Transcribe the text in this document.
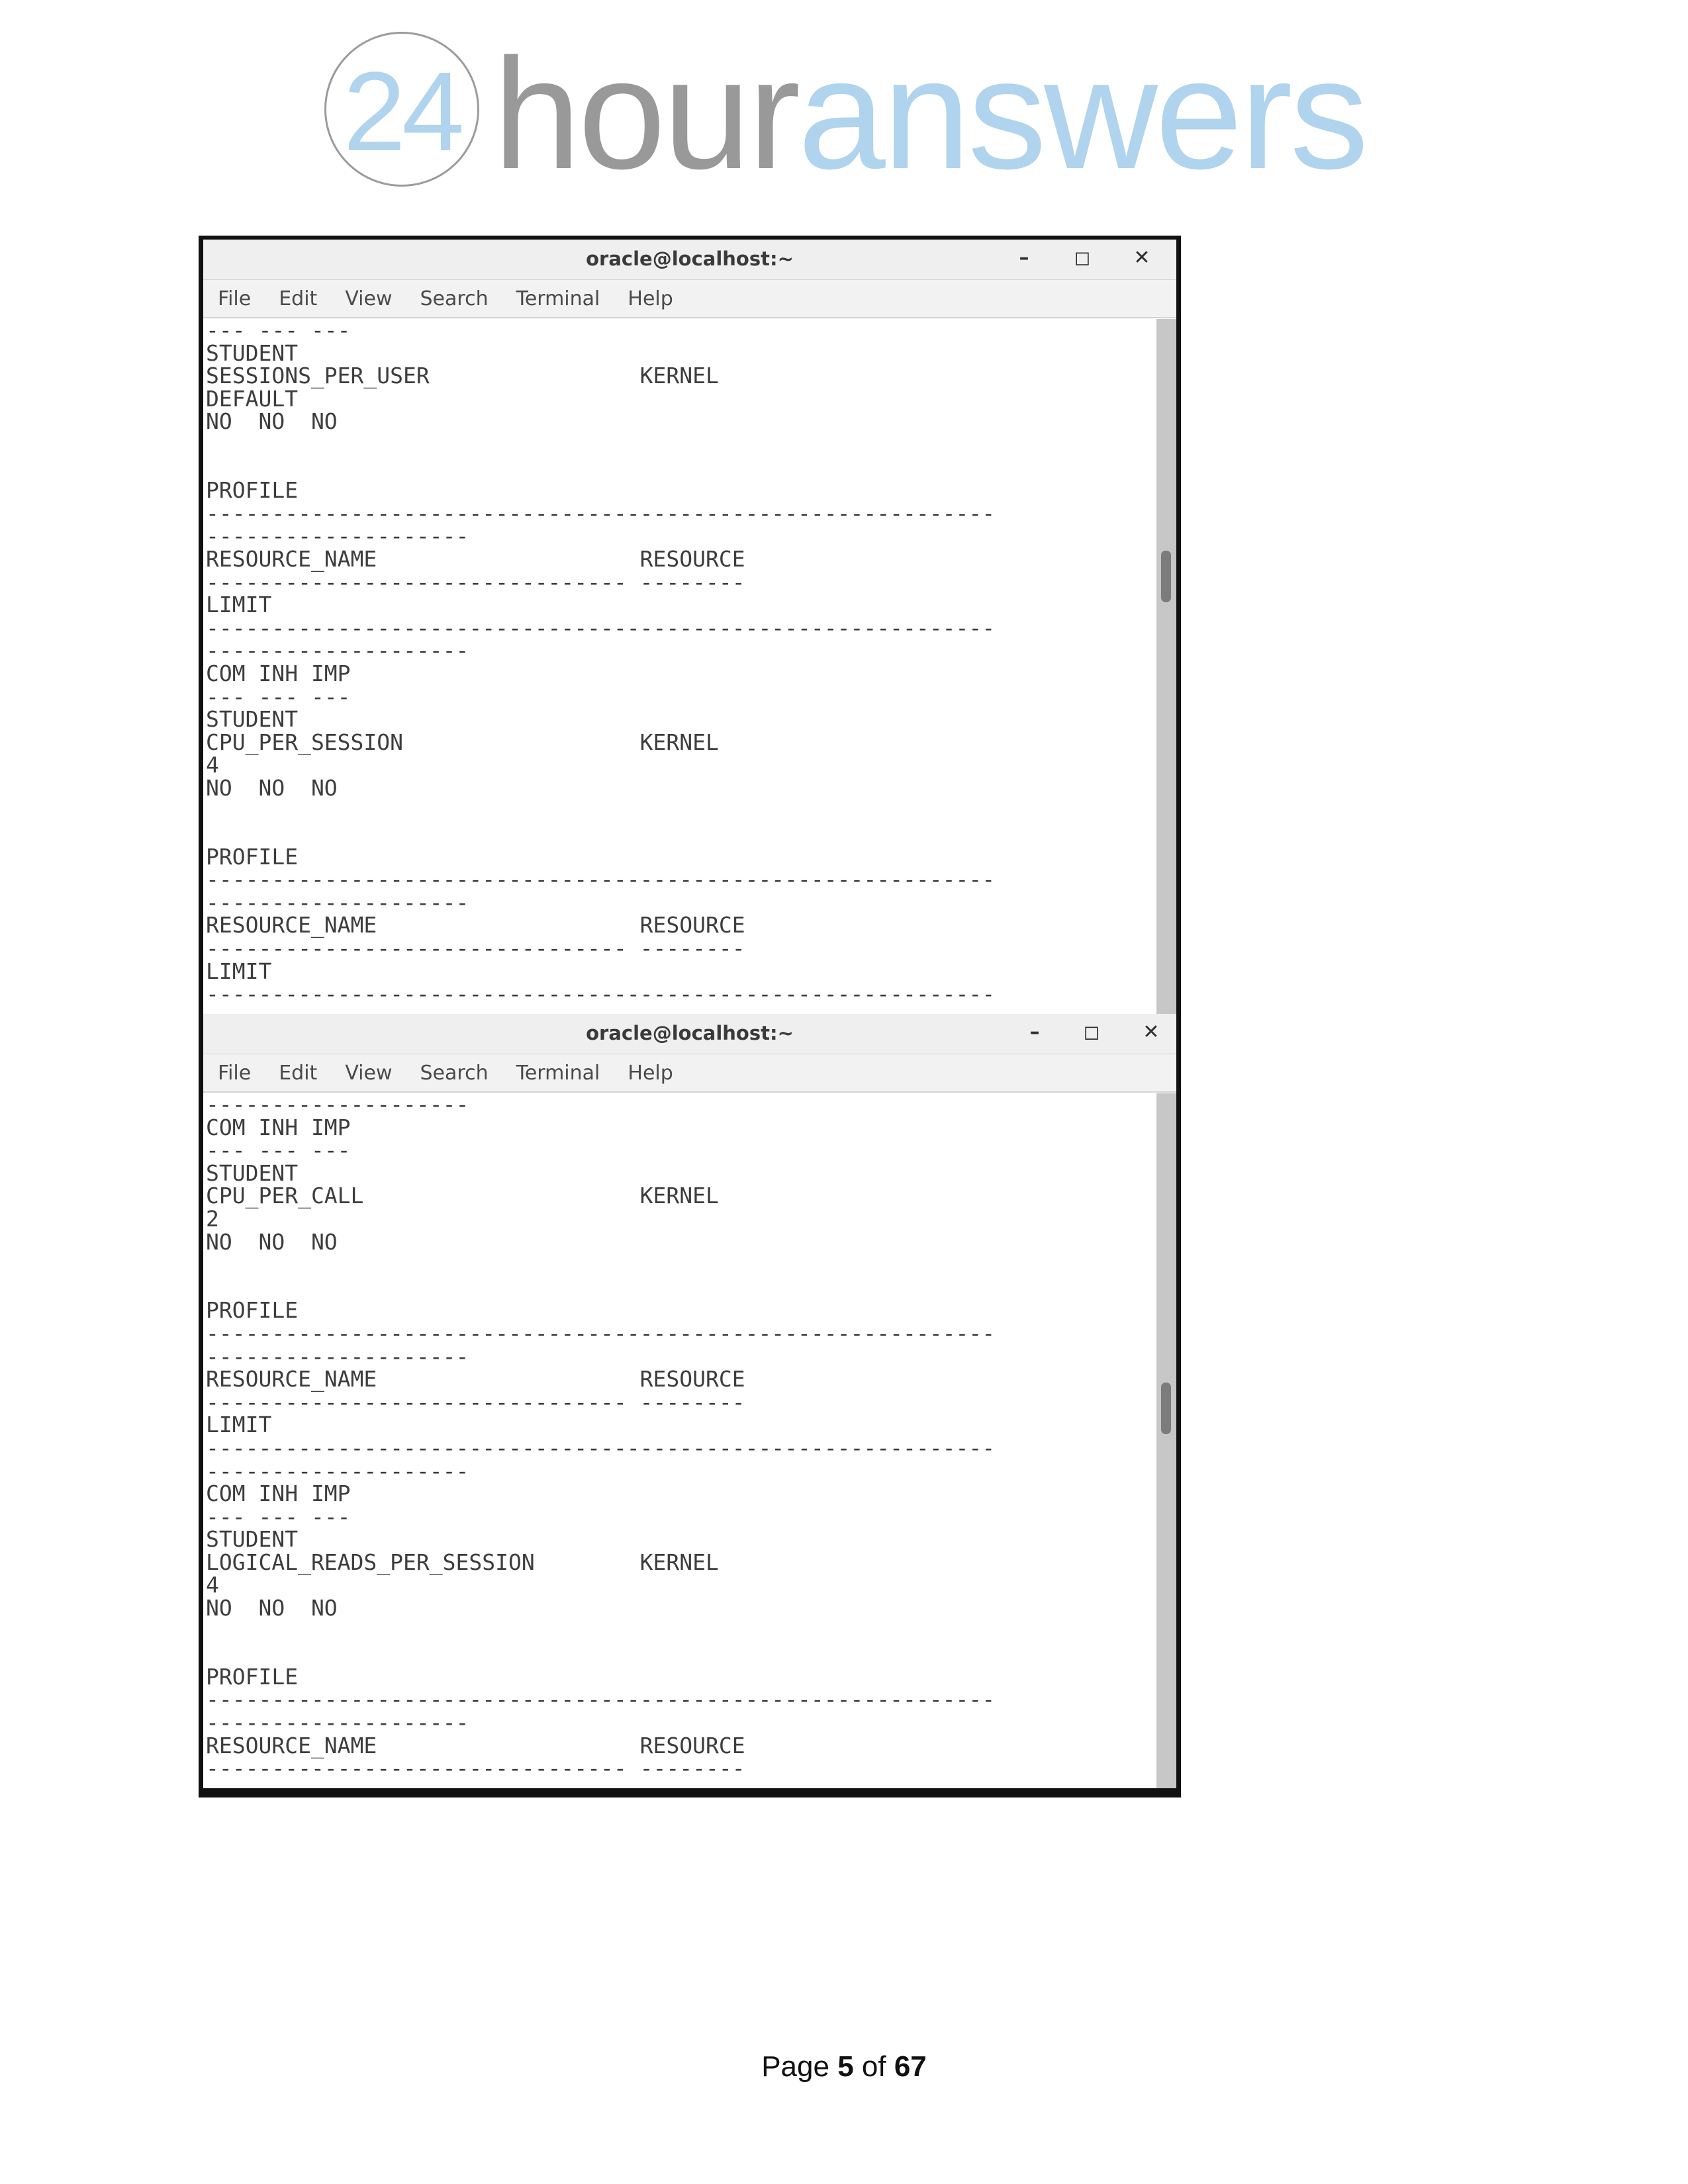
24 houranswers
oracle@localhost:~	–	◻	✕
File Edit View Search Terminal Help
--- --- ---
STUDENT
SESSIONS_PER_USER                KERNEL
DEFAULT
NO  NO  NO
PROFILE
------------------------------------------------------------
--------------------
RESOURCE_NAME                    RESOURCE
-------------------------------- --------
LIMIT
------------------------------------------------------------
--------------------
COM INH IMP
--- --- ---
STUDENT
CPU_PER_SESSION                  KERNEL
4
NO  NO  NO
PROFILE
------------------------------------------------------------
--------------------
RESOURCE_NAME                    RESOURCE
-------------------------------- --------
LIMIT
------------------------------------------------------------
oracle@localhost:~	–	◻	✕
File Edit View Search Terminal Help
--------------------
COM INH IMP
--- --- ---
STUDENT
CPU_PER_CALL                     KERNEL
2
NO  NO  NO
PROFILE
------------------------------------------------------------
--------------------
RESOURCE_NAME                    RESOURCE
-------------------------------- --------
LIMIT
------------------------------------------------------------
--------------------
COM INH IMP
--- --- ---
STUDENT
LOGICAL_READS_PER_SESSION        KERNEL
4
NO  NO  NO
PROFILE
------------------------------------------------------------
--------------------
RESOURCE_NAME                    RESOURCE
-------------------------------- --------
Page 5 of 67
